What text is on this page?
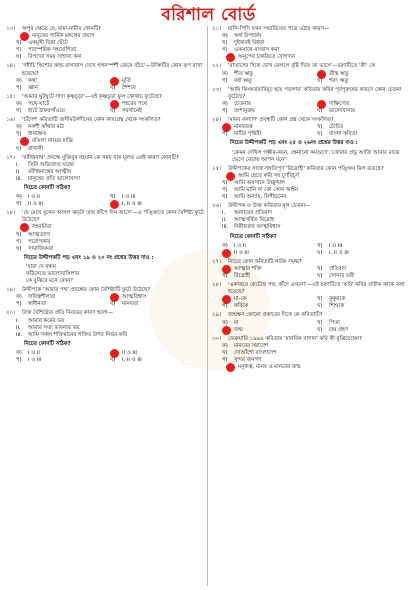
বরিশাল বোর্ড
১৩।	অপুর ক্ষেত্রে যে, মামা-মামীর কোনটি?
মানুষের সার্বিক মঙ্গলের প্রয়াস
খ) একমুখী চিন্তা ঘেঁটে
গ) পারস্পরিক সহযোগিতা
ঘ) বিপদের সময় সাহায্য করা
১৪।	'দধীচি কিশোর কান্ড রাগাবাস দেখে গগনস্পর্শী জেনে বাঁচে'—উক্তিটির কোন রূপ রাখা হয়েছে?
ক) কথা	মূর্তি
গ) জ্ঞান	ঘ) শৈশবে
১৫।	'আমার ঘুটঘুটে সাদা কৃষ্ণচূড়া'—এই কৃষ্ণচূড়া ফুল কোথায় ফুটেছে?
ক) পথে-ঘাটে	শহরের পথে
গ) হাটে ঠাকরগাঁওয়ে	ঘ) সবখানেই
১৬।	'চাঁদেশ' কবিতাটি জসীমউদদীনের কোন কাব্যগ্রন্থ থেকে সংকলিত?
ক) নকশী কাঁথার মাঠ
খ) ধানক্ষেত
রঙিলা নায়ের মাঝি
ঘ) রাখালী
১৭।	'রবীন্দ্রনাথ' প্রবন্ধে মুজিবুর রহমান কে সময় যায় মূলত এরই কারণ কোনটি?
i. তিনি অভিজাত ঘরের
ii. রবীন্দ্রনাথের আত্মীয়
iii. মানুষের প্রতি ভালোবাসা
নিচের কোনটি সঠিক?
ক) i ও ii	খ) i ও iii
গ) ii ও iii	i, ii ও iii
১৮।	'যে মেঘে বুকের আসল ঝড়টা তার কাঁপে দিন আসে'—এ পঙ্ক্তিতে কোন বৈশিষ্ট্য ফুটে উঠেছে?
সহমর্মিতা
খ) আত্মত্যাগ
গ) পরোপকার
ঘ) সামাজিকতা
নিচের উদ্দীপকটি পড় এবং ১৯ ও ২০ নং প্রশ্নের উত্তর দাও :
'যারা যে বন্ধন
কঠিনেতে ভালোবাসিলাম
কে বুঝিবে মনে বেদনা'
১৯।	উদ্দীপকে 'আমার পথ' প্রবন্ধের কোন বৈশিষ্ট্যটি ফুটে উঠেছে?
ক) দায়িত্বশীলতা	আত্মবিশ্বাস
গ) স্বাধীনতা	ঘ) মানবতা
২০।	উক্ত বৈশিষ্ট্যের প্রতি বিনয়ের কারণ হলো—
i. আমার কর্মের ভয়
ii. আমার সত্য ভাবনার ভয়
iii. আমি সকল শক্তিমানের শক্তির উপর নির্ভর করি
নিচের কোনটি সঠিক?
ক) i ও ii	ii ও iii
গ) i ও iii	ঘ) i, ii ও iii
২১।	মাসি-পিসি যখন সভারিতের পত্রে ওঠার কারণ—
ক) অর্থ উপার্জন
খ) দুইজনই বিধবা
গ) একসাথে বসবাস করা
অনুপের চাকরিতে যোগদান
২২।	'বাতাসের দিকে চোখ মেললে বৃষ্টি দিয়ে তা ভাসে'—চরণটিতে 'কী' কে
ক) শীত ঋতু	গ্রীষ্ম ঋতু
গ) বর্ষা ঋতু	ঘ) শরৎ ঋতু
২৩।	'আমি কিংকর্তব্যবিমূঢ় হয়ে পড়লাম' কবিতায় কবির পূর্বপুরুষের কারণে কোন চেতনা ফুটেছে?
ক) চেতনার	দাক্ষিণ্যের
গ) বংশানুক্রম	ঘ) ভালোবাসার
২৪।	'মানব কল্যাণ' প্রবন্ধটি কোন গ্রন্থ থেকে সংকলিত?
মানবতন্ত্র	খ) চৌচির
গ) মাটির পৃথিবী	ঘ) বাংলা কবিতা
নিচের উদ্দীপকটি পড় এবং ২৫ ও ২৬নং প্রশ্নের উত্তর দাও :
'কেমন দেখিল গম্ভীর-নয়ন, ক্ষেমানো কর্মগুণে','তোমার প্রভু আজি আমার মাঝে ভেসে বেড়ায় আপন মনে'
২৫।	উদ্দীপকের সাথে সঙ্গতিপূর্ণ 'বিদ্রোহী' কবিতার কোন পঙ্ক্তির মিল রয়েছে?
আমি ছেড়ে করি সব চূর্ণবিচূর্ণ
খ) আমি অবসানে উচ্ছৃঙ্খল
গ) আমি মানি না কো কোন আইন
ঘ) আমি অন্যায়, নিপীড়নের
২৬।	উদ্দীপক ও উক্ত কবিতায় মূল চেতনা—
i. অন্যায়ের প্রতিবাদ
ii. আত্মগর্বিত বিদ্রোহ
iii. নিরীহতার আত্মবিশ্বাস
নিচের কোনটি সঠিক?
ক) i ও ii	খ) i ও iii
ii ও iii	ঘ) i, ii ও iii
২৭।	নিচের কোন কবিতাটি নাটক সমৃদ্ধ?
আত্মার শক্তি	খ) প্রতিবাদ
গ) বিদ্রোহী	ঘ) সোনার তরী
২৮।	'একাত্তরে কেটেছে পথ, কাঁদে এখনো'—এই চরণটিতে 'কবি' কবির প্রতীক কাকে বলা হয়েছে?
মা-কে	খ) কুকুরকে
গ) কবিকে	ঘ) শিশুকে
২৯।	জন্মক্ষণ কোনো প্রকারের দিকে কে কবিতাটি?
ক) মা	খ) পিতা
জন্ম	ঘ) চন্দ্র গ্রহণ
৩০।	ফেব্রুয়ারি ১৯৬৯ কবিতায় 'মানবিক বাগান' কবি কী বুঝিয়েছেন?
ক) মানবের সমাবেশ
খ) দোআঁশো বাংলাদেশ
গ) সুন্দর জনগণ
মনুষ্যত্ব, মানব ও মানবের জন্ম
